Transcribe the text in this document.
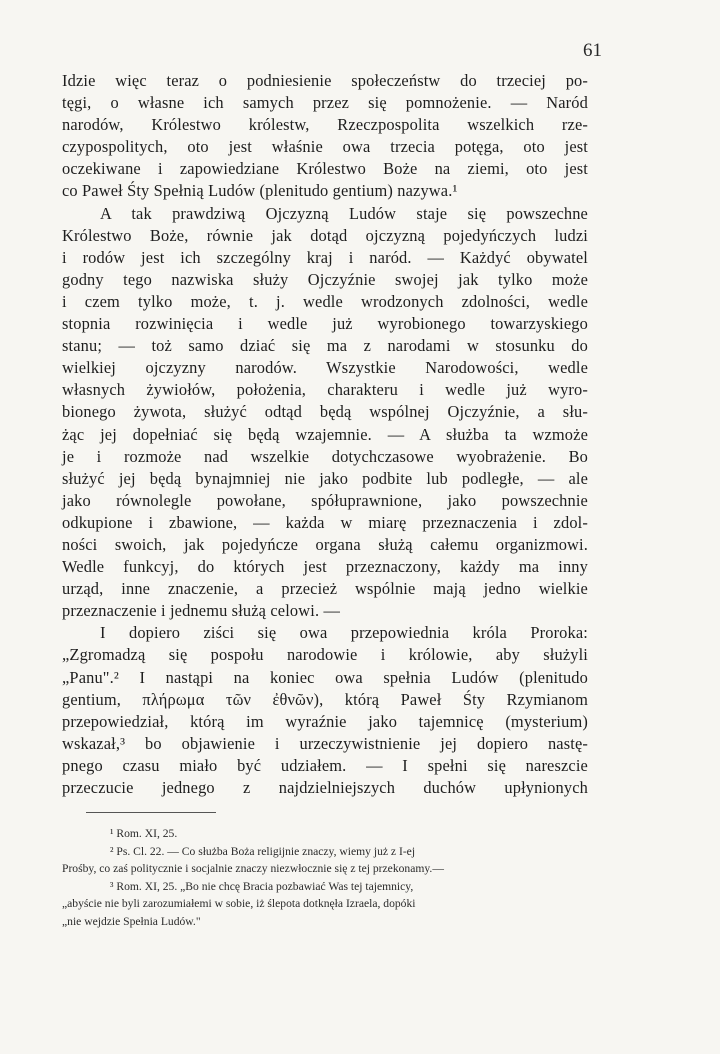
61
Idzie więc teraz o podniesienie społeczeństw do trzeciej po-
tęgi, o własne ich samych przez się pomnożenie. — Naród
narodów, Królestwo królestw, Rzeczpospolita wszelkich rze-
czypospolitych, oto jest właśnie owa trzecia potęga, oto jest
oczekiwane i zapowiedziane Królestwo Boże na ziemi, oto jest
co Paweł Śty Spełnią Ludów (plenitudo gentium) nazywa.¹
A tak prawdziwą Ojczyzną Ludów staje się powszechne
Królestwo Boże, równie jak dotąd ojczyzną pojedyńczych ludzi
i rodów jest ich szczególny kraj i naród. — Każdyć obywatel
godny tego nazwiska służy Ojczyźnie swojej jak tylko może
i czem tylko może, t. j. wedle wrodzonych zdolności, wedle
stopnia rozwinięcia i wedle już wyrobionego towarzyskiego
stanu; — toż samo dziać się ma z narodami w stosunku do
wielkiej ojczyzny narodów. Wszystkie Narodowości, wedle
własnych żywiołów, położenia, charakteru i wedle już wyro-
bionego żywota, służyć odtąd będą wspólnej Ojczyźnie, a słu-
żąc jej dopełniać się będą wzajemnie. — A służba ta wzmoże
je i rozmoże nad wszelkie dotychczasowe wyobrażenie. Bo
służyć jej będą bynajmniej nie jako podbite lub podległe, — ale
jako równolegle powołane, spółuprawnione, jako powszechnie
odkupione i zbawione, — każda w miarę przeznaczenia i zdol-
ności swoich, jak pojedyńcze organa służą całemu organizmowi.
Wedle funkcyj, do których jest przeznaczony, każdy ma inny
urząd, inne znaczenie, a przecież wspólnie mają jedno wielkie
przeznaczenie i jednemu służą celowi. —
I dopiero ziści się owa przepowiednia króla Proroka:
„Zgromadzą się pospołu narodowie i królowie, aby służyli
„Panu".² I nastąpi na koniec owa spełnia Ludów (plenitudo
gentium, πλήρωμα τῶν ἐθνῶν), którą Paweł Śty Rzymianom
przepowiedział, którą im wyraźnie jako tajemnicę (mysterium)
wskazał,³ bo objawienie i urzeczywistnienie jej dopiero nastę-
pnego czasu miało być udziałem. — I spełni się nareszcie
przeczucie jednego z najdzielniejszych duchów upłynionych
¹ Rom. XI, 25.
² Ps. Cl. 22. — Co służba Boża religijnie znaczy, wiemy już z I-ej
Prośby, co zaś politycznie i socjalnie znaczy niezwłocznie się z tej przekonamy.—
³ Rom. XI, 25. „Bo nie chcę Bracia pozbawiać Was tej tajemnicy,
„abyście nie byli zarozumiałemi w sobie, iż ślepota dotknęła Izraela, dopóki
„nie wejdzie Spełnia Ludów."
